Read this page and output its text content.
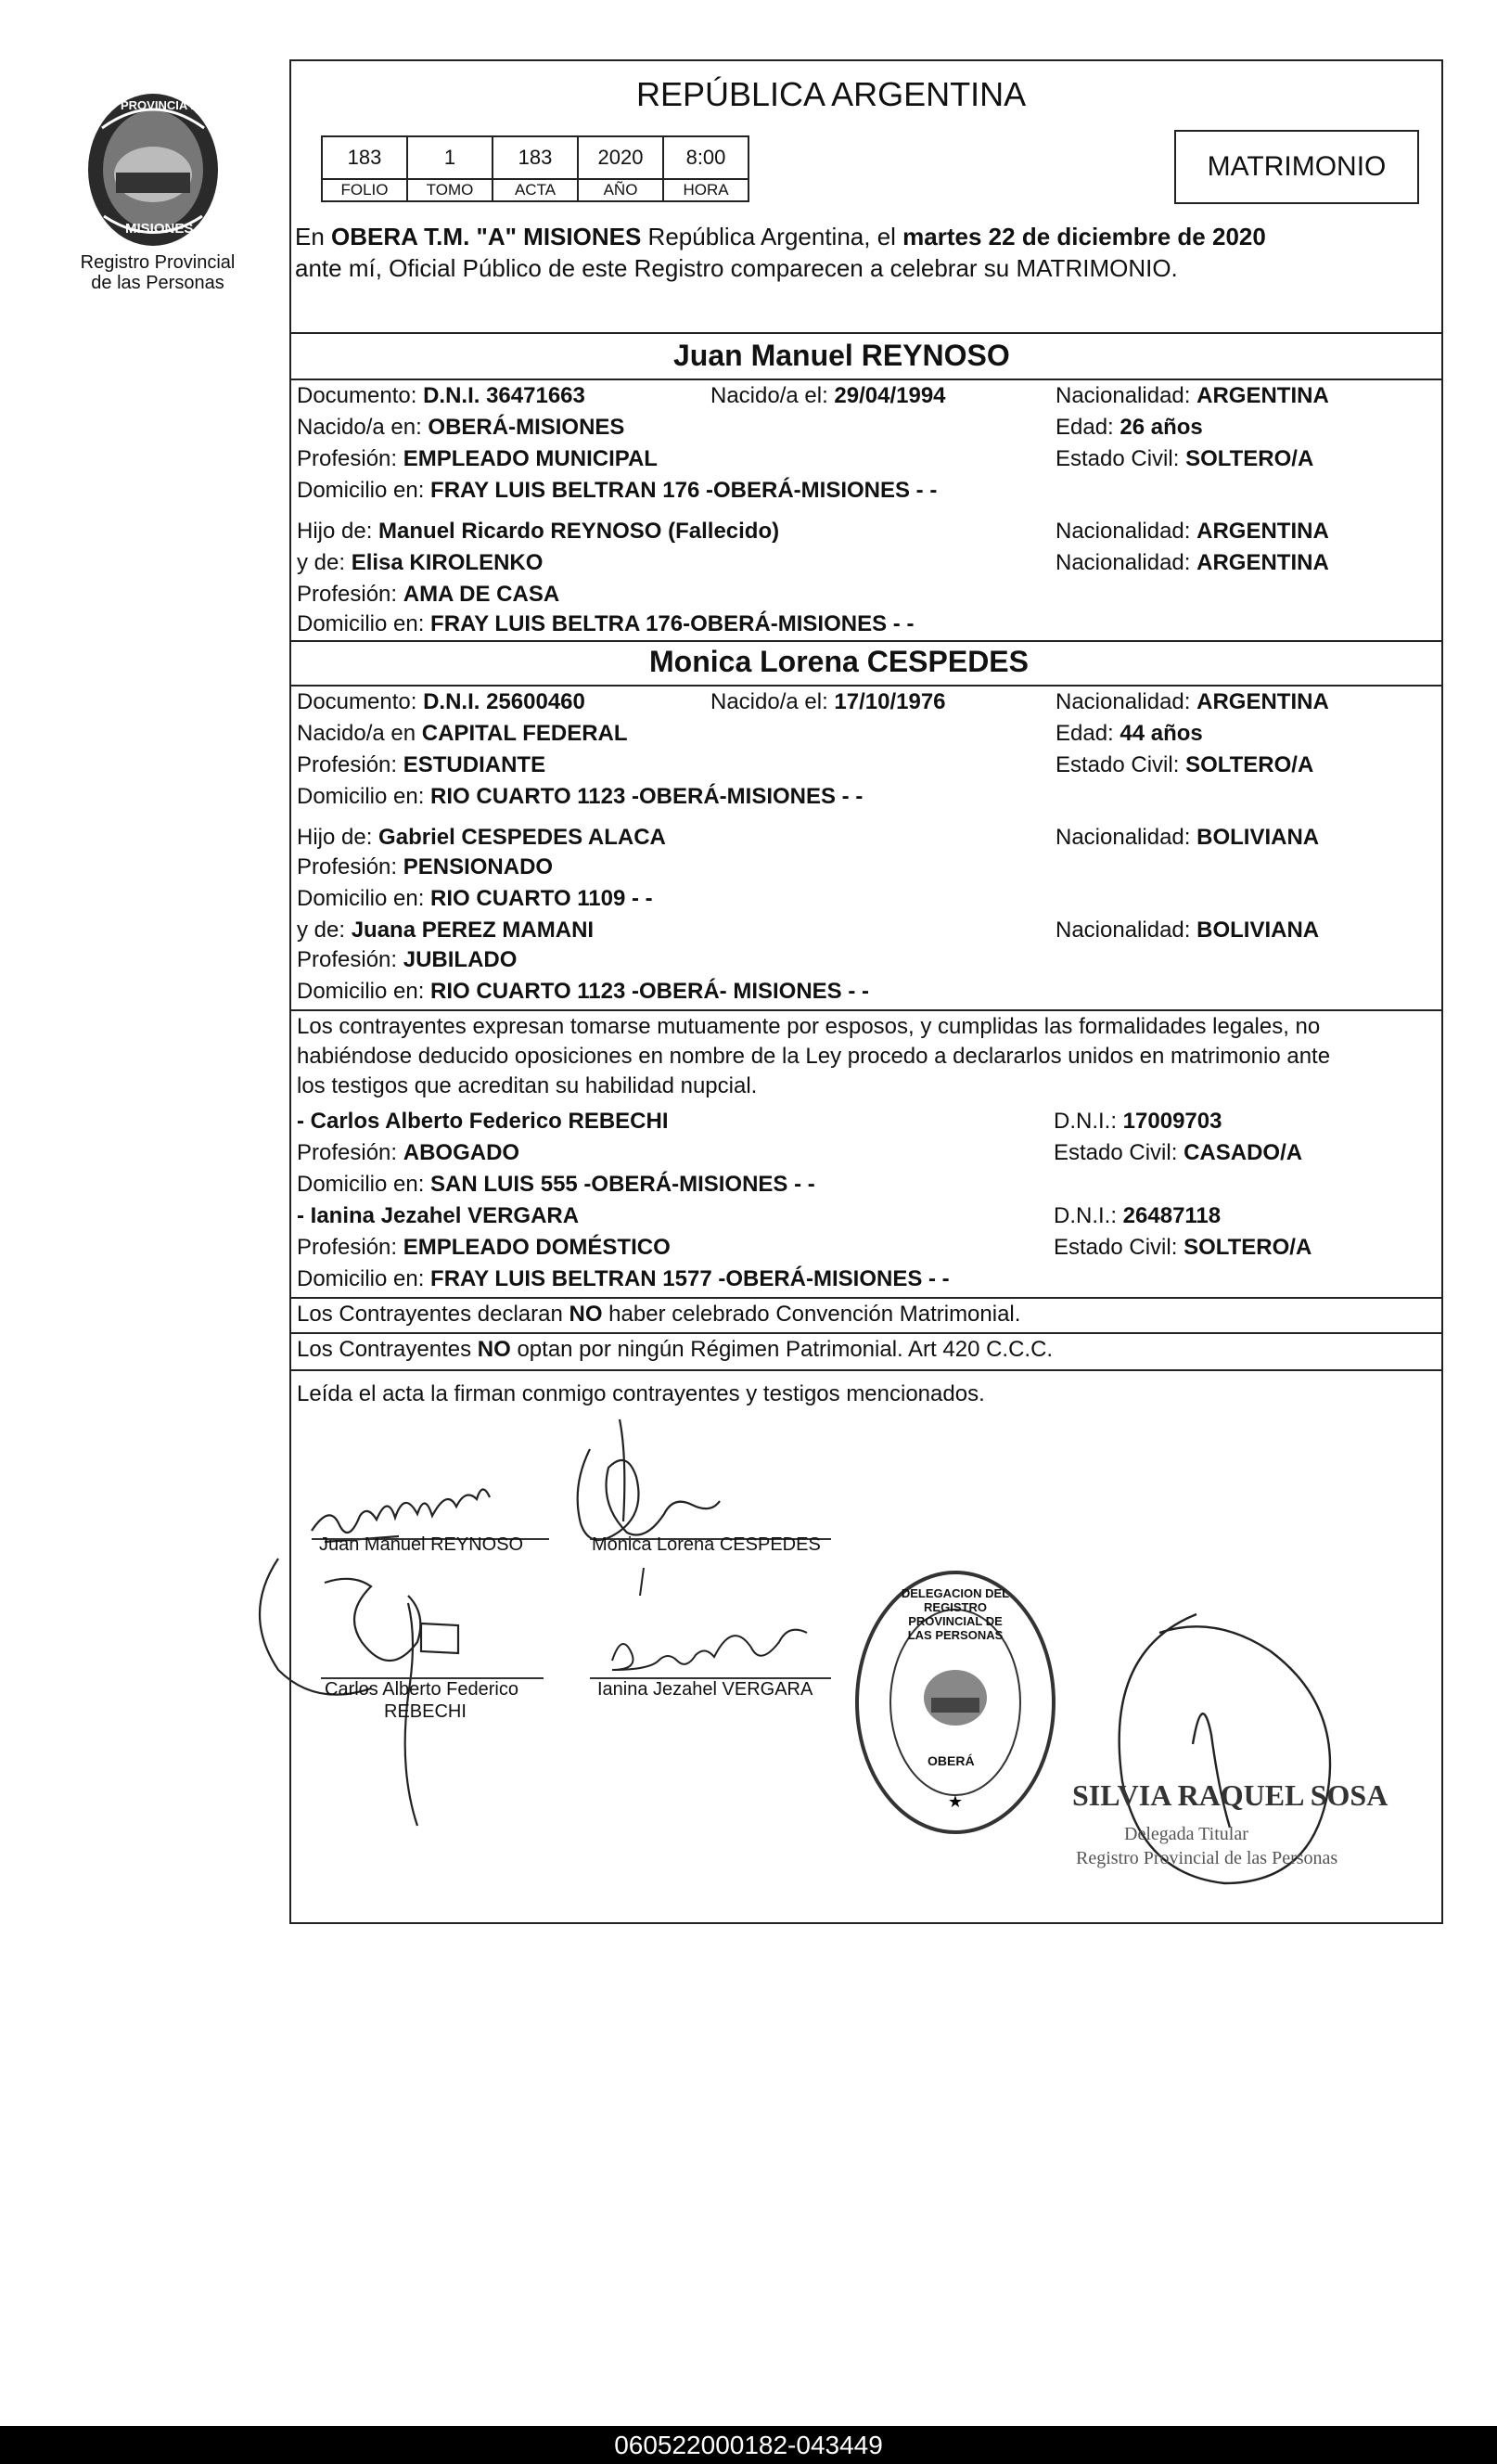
PROVINCIA DE
MISIONES
Registro Provincial
de las Personas
REPÚBLICA ARGENTINA
183	1	183	2020	8:00
FOLIO	TOMO	ACTA	AÑO	HORA
MATRIMONIO
En OBERA T.M. "A" MISIONES República Argentina, el martes 22 de diciembre de 2020
ante mí, Oficial Público de este Registro comparecen a celebrar su MATRIMONIO.
Juan Manuel REYNOSO
Documento: D.N.I. 36471663	Nacido/a el: 29/04/1994	Nacionalidad: ARGENTINA
Nacido/a en: OBERÁ-MISIONES	Edad: 26 años
Profesión: EMPLEADO MUNICIPAL	Estado Civil: SOLTERO/A
Domicilio en: FRAY LUIS BELTRAN 176 -OBERÁ-MISIONES - -
Hijo de: Manuel Ricardo REYNOSO (Fallecido)	Nacionalidad: ARGENTINA
y de: Elisa KIROLENKO	Nacionalidad: ARGENTINA
Profesión: AMA DE CASA
Domicilio en: FRAY LUIS BELTRA 176-OBERÁ-MISIONES - -
Monica Lorena CESPEDES
Documento: D.N.I. 25600460	Nacido/a el: 17/10/1976	Nacionalidad: ARGENTINA
Nacido/a en CAPITAL FEDERAL	Edad: 44 años
Profesión: ESTUDIANTE	Estado Civil: SOLTERO/A
Domicilio en: RIO CUARTO 1123 -OBERÁ-MISIONES - -
Hijo de: Gabriel CESPEDES ALACA	Nacionalidad: BOLIVIANA
Profesión: PENSIONADO
Domicilio en: RIO CUARTO 1109 - -
y de: Juana PEREZ MAMANI	Nacionalidad: BOLIVIANA
Profesión: JUBILADO
Domicilio en: RIO CUARTO 1123 -OBERÁ- MISIONES - -
Los contrayentes expresan tomarse mutuamente por esposos, y cumplidas las formalidades legales, no
habiéndose deducido oposiciones en nombre de la Ley procedo a declararlos unidos en matrimonio ante
los testigos que acreditan su habilidad nupcial.
- Carlos Alberto Federico REBECHI	D.N.I.: 17009703
Profesión: ABOGADO	Estado Civil: CASADO/A
Domicilio en: SAN LUIS 555 -OBERÁ-MISIONES - -
- Ianina Jezahel VERGARA	D.N.I.: 26487118
Profesión: EMPLEADO DOMÉSTICO	Estado Civil: SOLTERO/A
Domicilio en: FRAY LUIS BELTRAN 1577 -OBERÁ-MISIONES - -
Los Contrayentes declaran NO haber celebrado Convención Matrimonial.
Los Contrayentes NO optan por ningún Régimen Patrimonial. Art 420 C.C.C.
Leída el acta la firman conmigo contrayentes y testigos mencionados.
Juan Manuel REYNOSO	Monica Lorena CESPEDES
Carlos Alberto Federico
REBECHI
Ianina Jezahel VERGARA
★
DELEGACION DEL REGISTRO PROVINCIAL DE LAS PERSONAS
OBERÁ
SILVIA RAQUEL SOSA
Delegada Titular
Registro Provincial de las Personas
060522000182-043449
